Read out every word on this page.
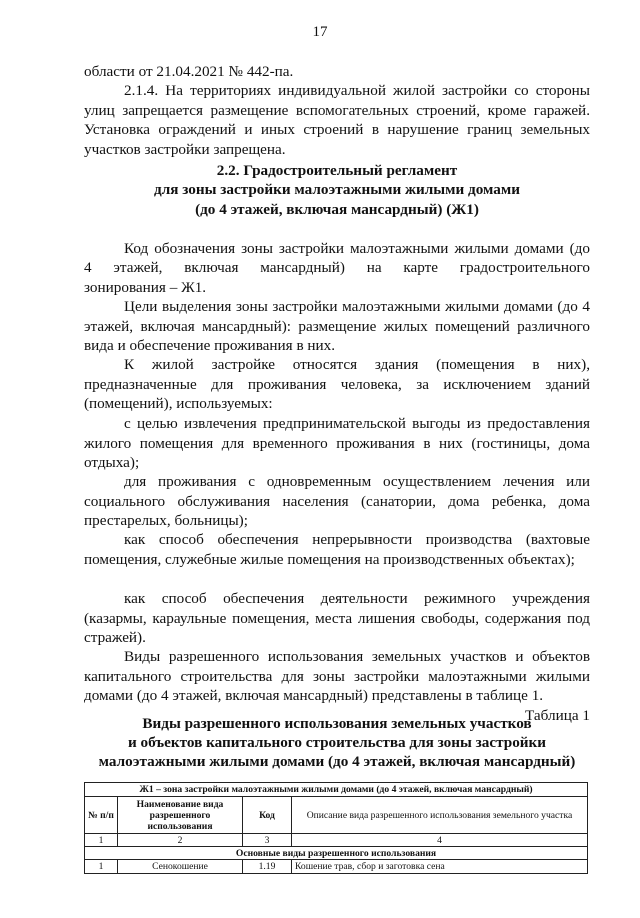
17
области от 21.04.2021 № 442-па.
2.1.4. На территориях индивидуальной жилой застройки со стороны улиц запрещается размещение вспомогательных строений, кроме гаражей. Установка ограждений и иных строений в нарушение границ земельных участков застройки запрещена.
2.2. Градостроительный регламент
для зоны застройки малоэтажными жилыми домами
(до 4 этажей, включая мансардный) (Ж1)
Код обозначения зоны застройки малоэтажными жилыми домами (до
4 этажей, включая мансардный) на карте градостроительного
зонирования – Ж1.
Цели выделения зоны застройки малоэтажными жилыми домами (до 4 этажей, включая мансардный): размещение жилых помещений различного вида и обеспечение проживания в них.
К жилой застройке относятся здания (помещения в них), предназначенные для проживания человека, за исключением зданий (помещений), используемых:
с целью извлечения предпринимательской выгоды из предоставления жилого помещения для временного проживания в них (гостиницы, дома отдыха);
для проживания с одновременным осуществлением лечения или социального обслуживания населения (санатории, дома ребенка, дома престарелых, больницы);
как способ обеспечения непрерывности производства (вахтовые помещения, служебные жилые помещения на производственных объектах);
как способ обеспечения деятельности режимного учреждения (казармы, караульные помещения, места лишения свободы, содержания под стражей).
Виды разрешенного использования земельных участков и объектов капитального строительства для зоны застройки малоэтажными жилыми домами (до 4 этажей, включая мансардный) представлены в таблице 1.
Таблица 1
Виды разрешенного использования земельных участков
и объектов капитального строительства для зоны застройки
малоэтажными жилыми домами (до 4 этажей, включая мансардный)
Ж1 – зона застройки малоэтажными жилыми домами (до 4 этажей, включая мансардный)			
№ п/п	Наименование вида разрешенного использования	Код	Описание вида разрешенного использования земельного участка
1	2	3	4
Основные виды разрешенного использования			
1	Сенокошение	1.19	Кошение трав, сбор и заготовка сена
